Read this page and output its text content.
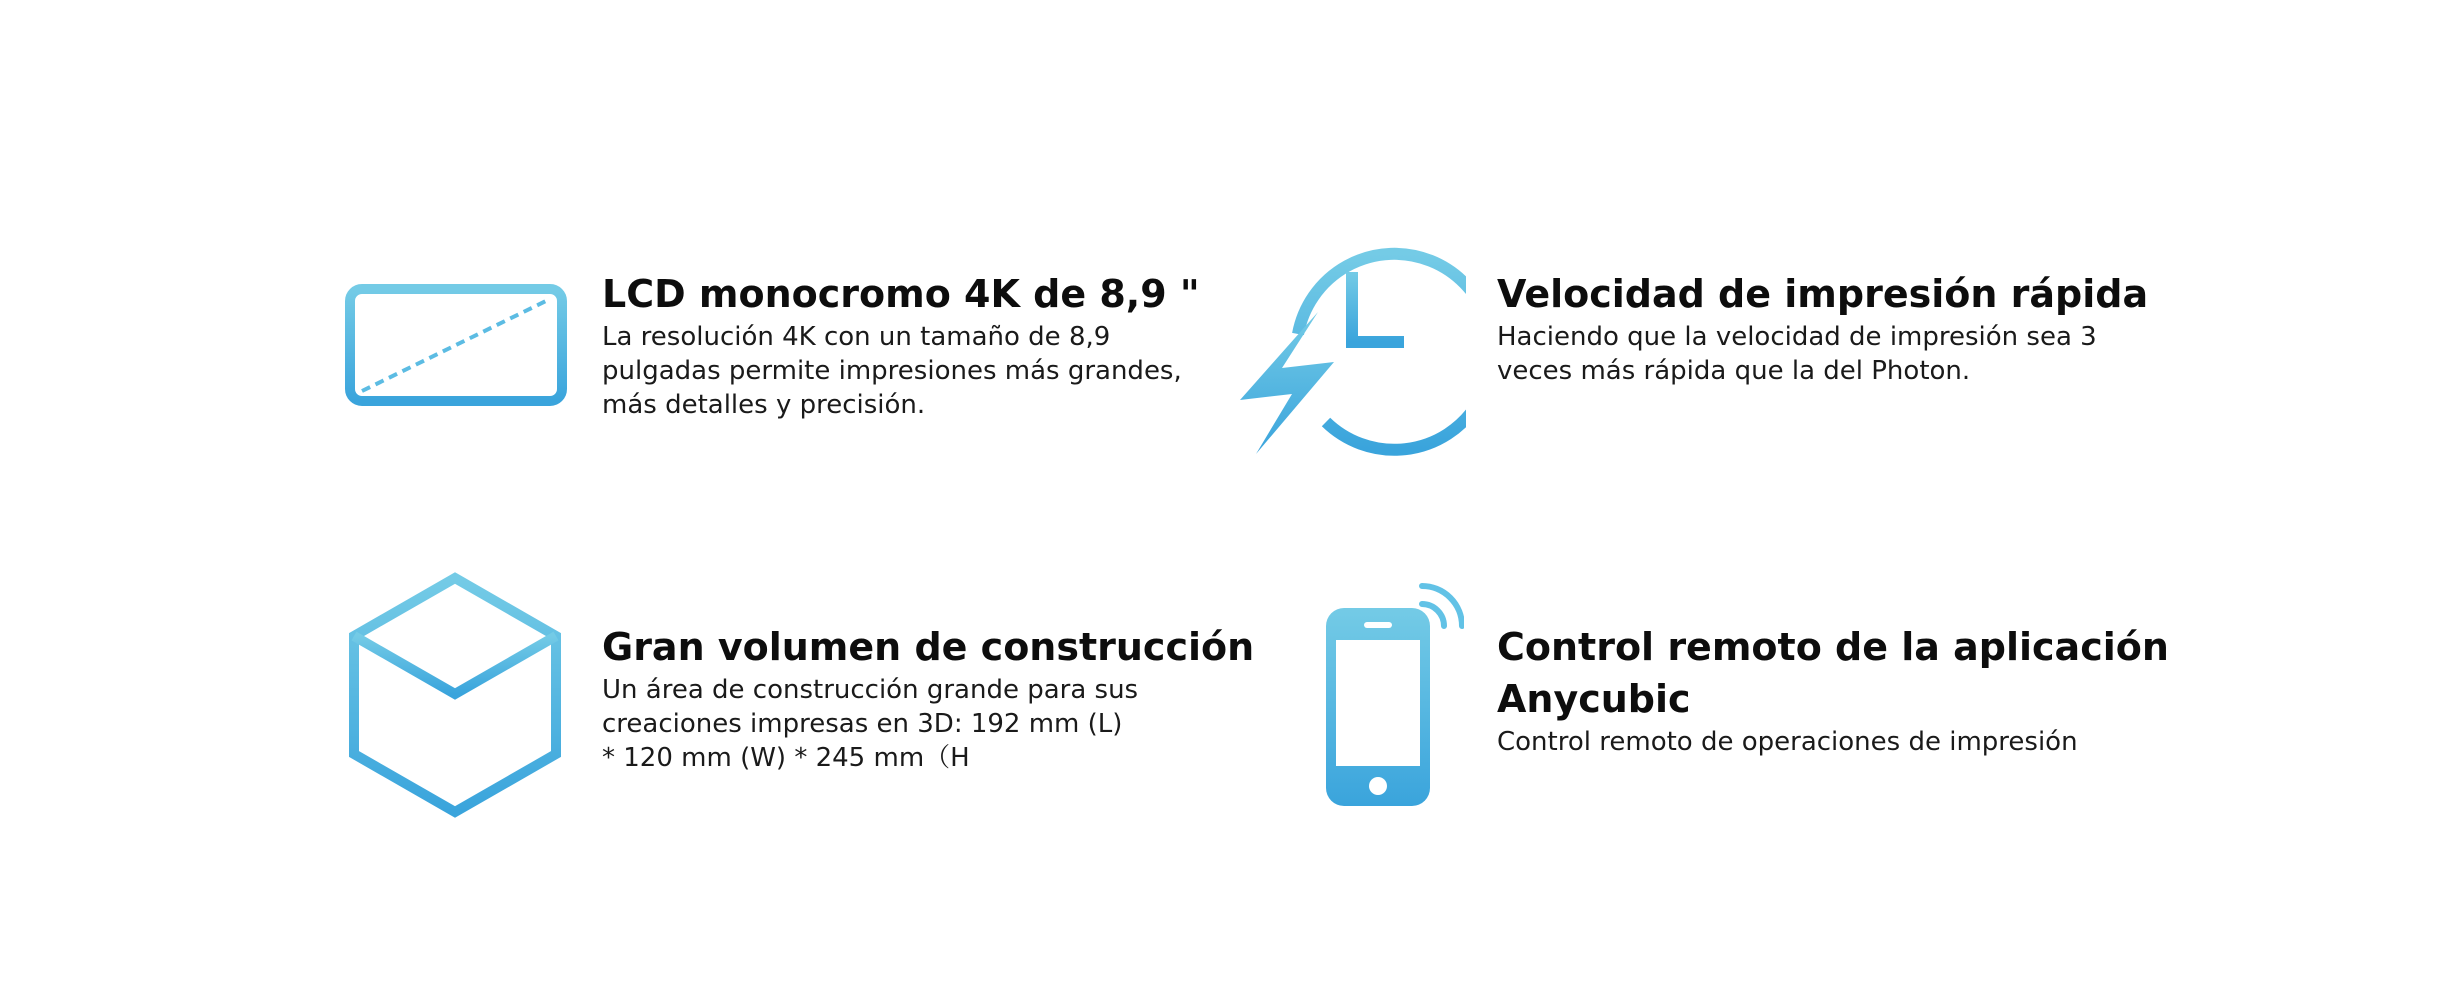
LCD monocromo 4K de 8,9 "
La resolución 4K con un tamaño de 8,9
pulgadas permite impresiones más grandes,
más detalles y precisión.
Velocidad de impresión rápida
Haciendo que la velocidad de impresión sea 3
veces más rápida que la del Photon.
Gran volumen de construcción
Un área de construcción grande para sus
creaciones impresas en 3D: 192 mm (L)
* 120 mm (W) * 245 mm（H
Control remoto de la aplicación
Anycubic
Control remoto de operaciones de impresión
